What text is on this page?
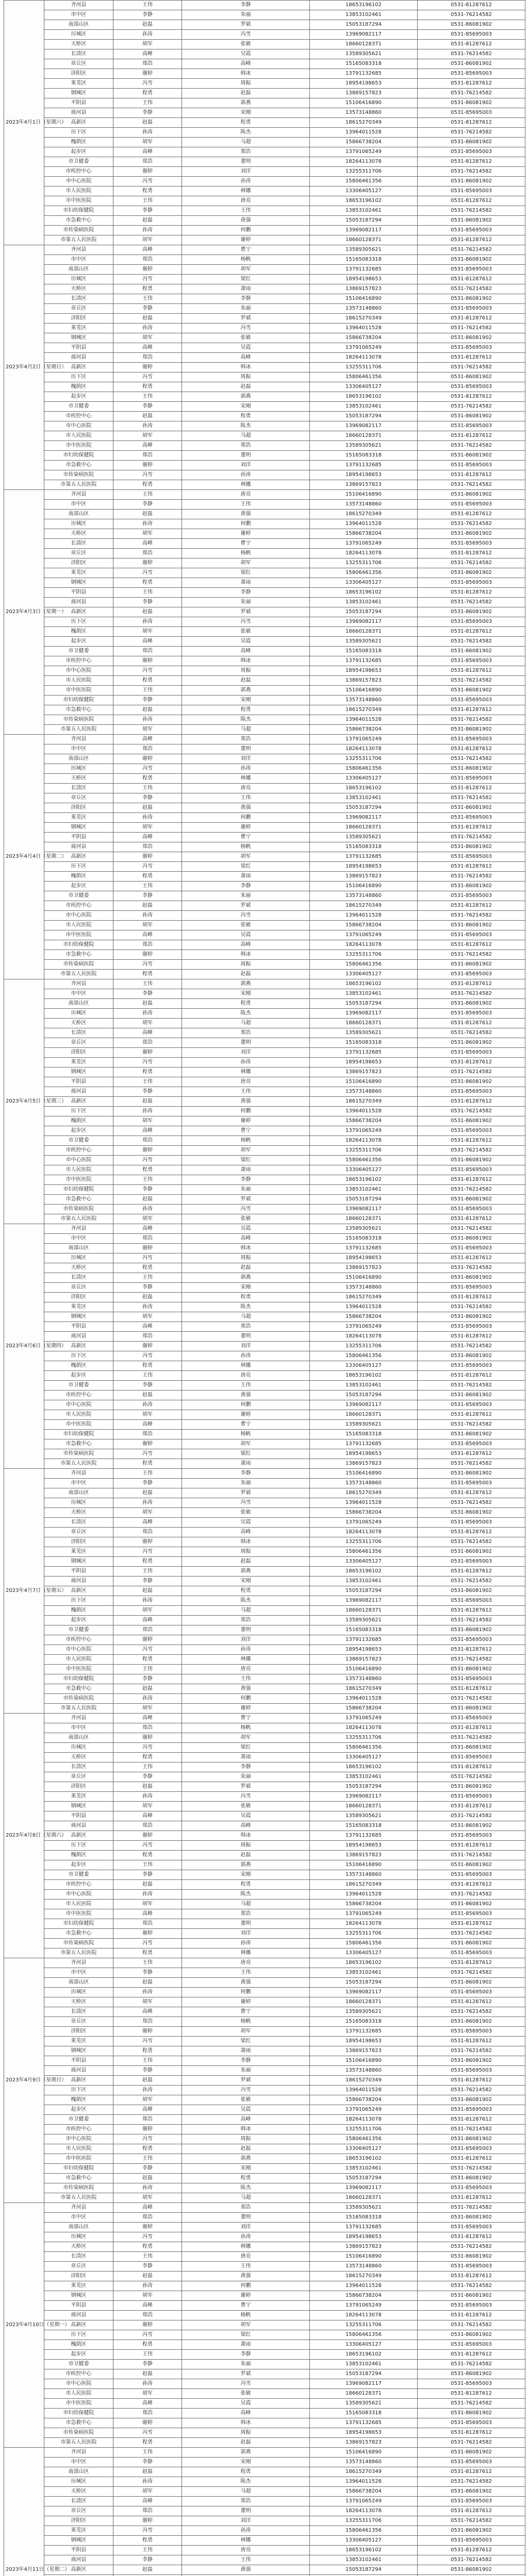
2023年4月1日（星期六）	齐河县	王伟	李静	18653196102	0531-81287612
	市中区	李静	朱丽	13853102461	0531-76214582
	南部山区	赵磊	罗斌	15053187294	0531-86081902
	历城区	孙涛	冯雪	13969082117	0531-85695003
	天桥区	胡军	张敏	18660128371	0531-81287612
	长清区	高峰	吴霞	13589305621	0531-76214582
	章丘区	郑浩	高峰	15165083318	0531-86081902
	济阳区	谢婷	韩冰	13791132685	0531-85695003
	莱芜区	冯雪	周振	18954198653	0531-81287612
	钢城区	程勇	赵磊	13869157823	0531-76214582
	平阴县	王伟	郭燕	15106416890	0531-86081902
	商河县	李静	宋刚	13573148860	0531-85695003
	高新区	赵磊	程勇	18615270349	0531-81287612
	历下区	孙涛	陈杰	13964011528	0531-76214582
	槐荫区	胡军	马超	15866738204	0531-86081902
	起步区	高峰	郑浩	13791065249	0531-85695003
	市卫健委	郑浩	董明	18264113078	0531-81287612
	市疾控中心	谢婷	刘洋	13255311706	0531-76214582
	市中心医院	冯雪	孙涛	15806461356	0531-86081902
	市人民医院	程勇	林娜	13306405127	0531-85695003
	市中医医院	王伟	唐亮	18653196102	0531-81287612
	市妇幼保健院	李静	王伟	13853102461	0531-76214582
	市急救中心	赵磊	黄强	15053187294	0531-86081902
	市传染病医院	孙涛	何鹏	13969082117	0531-85695003
	市第五人民医院	胡军	谢婷	18660128371	0531-81287612
2023年4月2日（星期日）	齐河县	高峰	曹宁	13589305621	0531-76214582
	市中区	郑浩	杨帆	15165083318	0531-86081902
	南部山区	谢婷	胡军	13791132685	0531-85695003
	历城区	冯雪	梁红	18954198653	0531-81287612
	天桥区	程勇	萧雨	13869157823	0531-76214582
	长清区	王伟	李静	15106416890	0531-86081902
	章丘区	李静	朱丽	13573148860	0531-85695003
	济阳区	赵磊	罗斌	18615270349	0531-81287612
	莱芜区	孙涛	冯雪	13964011528	0531-76214582
	钢城区	胡军	张敏	15866738204	0531-86081902
	平阴县	高峰	吴霞	13791065249	0531-85695003
	商河县	郑浩	高峰	18264113078	0531-81287612
	高新区	谢婷	韩冰	13255311706	0531-76214582
	历下区	冯雪	周振	15806461356	0531-86081902
	槐荫区	程勇	赵磊	13306405127	0531-85695003
	起步区	王伟	郭燕	18653196102	0531-81287612
	市卫健委	李静	宋刚	13853102461	0531-76214582
	市疾控中心	赵磊	程勇	15053187294	0531-86081902
	市中心医院	孙涛	陈杰	13969082117	0531-85695003
	市人民医院	胡军	马超	18660128371	0531-81287612
	市中医医院	高峰	郑浩	13589305621	0531-76214582
	市妇幼保健院	郑浩	董明	15165083318	0531-86081902
	市急救中心	谢婷	刘洋	13791132685	0531-85695003
	市传染病医院	冯雪	孙涛	18954198653	0531-81287612
	市第五人民医院	程勇	林娜	13869157823	0531-76214582
2023年4月3日（星期一）	齐河县	王伟	唐亮	15106416890	0531-86081902
	市中区	李静	王伟	13573148860	0531-85695003
	南部山区	赵磊	黄强	18615270349	0531-81287612
	历城区	孙涛	何鹏	13964011528	0531-76214582
	天桥区	胡军	谢婷	15866738204	0531-86081902
	长清区	高峰	曹宁	13791065249	0531-85695003
	章丘区	郑浩	杨帆	18264113078	0531-81287612
	济阳区	谢婷	胡军	13255311706	0531-76214582
	莱芜区	冯雪	梁红	15806461356	0531-86081902
	钢城区	程勇	萧雨	13306405127	0531-85695003
	平阴县	王伟	李静	18653196102	0531-81287612
	商河县	李静	朱丽	13853102461	0531-76214582
	高新区	赵磊	罗斌	15053187294	0531-86081902
	历下区	孙涛	冯雪	13969082117	0531-85695003
	槐荫区	胡军	张敏	18660128371	0531-81287612
	起步区	高峰	吴霞	13589305621	0531-76214582
	市卫健委	郑浩	高峰	15165083318	0531-86081902
	市疾控中心	谢婷	韩冰	13791132685	0531-85695003
	市中心医院	冯雪	周振	18954198653	0531-81287612
	市人民医院	程勇	赵磊	13869157823	0531-76214582
	市中医医院	王伟	郭燕	15106416890	0531-86081902
	市妇幼保健院	李静	宋刚	13573148860	0531-85695003
	市急救中心	赵磊	程勇	18615270349	0531-81287612
	市传染病医院	孙涛	陈杰	13964011528	0531-76214582
	市第五人民医院	胡军	马超	15866738204	0531-86081902
2023年4月4日（星期二）	齐河县	高峰	郑浩	13791065249	0531-85695003
	市中区	郑浩	董明	18264113078	0531-81287612
	南部山区	谢婷	刘洋	13255311706	0531-76214582
	历城区	冯雪	孙涛	15806461356	0531-86081902
	天桥区	程勇	林娜	13306405127	0531-85695003
	长清区	王伟	唐亮	18653196102	0531-81287612
	章丘区	李静	王伟	13853102461	0531-76214582
	济阳区	赵磊	黄强	15053187294	0531-86081902
	莱芜区	孙涛	何鹏	13969082117	0531-85695003
	钢城区	胡军	谢婷	18660128371	0531-81287612
	平阴县	高峰	曹宁	13589305621	0531-76214582
	商河县	郑浩	杨帆	15165083318	0531-86081902
	高新区	谢婷	胡军	13791132685	0531-85695003
	历下区	冯雪	梁红	18954198653	0531-81287612
	槐荫区	程勇	萧雨	13869157823	0531-76214582
	起步区	王伟	李静	15106416890	0531-86081902
	市卫健委	李静	朱丽	13573148860	0531-85695003
	市疾控中心	赵磊	罗斌	18615270349	0531-81287612
	市中心医院	孙涛	冯雪	13964011528	0531-76214582
	市人民医院	胡军	张敏	15866738204	0531-86081902
	市中医医院	高峰	吴霞	13791065249	0531-85695003
	市妇幼保健院	郑浩	高峰	18264113078	0531-81287612
	市急救中心	谢婷	韩冰	13255311706	0531-76214582
	市传染病医院	冯雪	周振	15806461356	0531-86081902
	市第五人民医院	程勇	赵磊	13306405127	0531-85695003
2023年4月5日（星期三）	齐河县	王伟	郭燕	18653196102	0531-81287612
	市中区	李静	宋刚	13853102461	0531-76214582
	南部山区	赵磊	程勇	15053187294	0531-86081902
	历城区	孙涛	陈杰	13969082117	0531-85695003
	天桥区	胡军	马超	18660128371	0531-81287612
	长清区	高峰	郑浩	13589305621	0531-76214582
	章丘区	郑浩	董明	15165083318	0531-86081902
	济阳区	谢婷	刘洋	13791132685	0531-85695003
	莱芜区	冯雪	孙涛	18954198653	0531-81287612
	钢城区	程勇	林娜	13869157823	0531-76214582
	平阴县	王伟	唐亮	15106416890	0531-86081902
	商河县	李静	王伟	13573148860	0531-85695003
	高新区	赵磊	黄强	18615270349	0531-81287612
	历下区	孙涛	何鹏	13964011528	0531-76214582
	槐荫区	胡军	谢婷	15866738204	0531-86081902
	起步区	高峰	曹宁	13791065249	0531-85695003
	市卫健委	郑浩	杨帆	18264113078	0531-81287612
	市疾控中心	谢婷	胡军	13255311706	0531-76214582
	市中心医院	冯雪	梁红	15806461356	0531-86081902
	市人民医院	程勇	萧雨	13306405127	0531-85695003
	市中医医院	王伟	李静	18653196102	0531-81287612
	市妇幼保健院	李静	朱丽	13853102461	0531-76214582
	市急救中心	赵磊	罗斌	15053187294	0531-86081902
	市传染病医院	孙涛	冯雪	13969082117	0531-85695003
	市第五人民医院	胡军	张敏	18660128371	0531-81287612
2023年4月6日（星期四）	齐河县	高峰	吴霞	13589305621	0531-76214582
	市中区	郑浩	高峰	15165083318	0531-86081902
	南部山区	谢婷	韩冰	13791132685	0531-85695003
	历城区	冯雪	周振	18954198653	0531-81287612
	天桥区	程勇	赵磊	13869157823	0531-76214582
	长清区	王伟	郭燕	15106416890	0531-86081902
	章丘区	李静	宋刚	13573148860	0531-85695003
	济阳区	赵磊	程勇	18615270349	0531-81287612
	莱芜区	孙涛	陈杰	13964011528	0531-76214582
	钢城区	胡军	马超	15866738204	0531-86081902
	平阴县	高峰	郑浩	13791065249	0531-85695003
	商河县	郑浩	董明	18264113078	0531-81287612
	高新区	谢婷	刘洋	13255311706	0531-76214582
	历下区	冯雪	孙涛	15806461356	0531-86081902
	槐荫区	程勇	林娜	13306405127	0531-85695003
	起步区	王伟	唐亮	18653196102	0531-81287612
	市卫健委	李静	王伟	13853102461	0531-76214582
	市疾控中心	赵磊	黄强	15053187294	0531-86081902
	市中心医院	孙涛	何鹏	13969082117	0531-85695003
	市人民医院	胡军	谢婷	18660128371	0531-81287612
	市中医医院	高峰	曹宁	13589305621	0531-76214582
	市妇幼保健院	郑浩	杨帆	15165083318	0531-86081902
	市急救中心	谢婷	胡军	13791132685	0531-85695003
	市传染病医院	冯雪	梁红	18954198653	0531-81287612
	市第五人民医院	程勇	萧雨	13869157823	0531-76214582
2023年4月7日（星期五）	齐河县	王伟	李静	15106416890	0531-86081902
	市中区	李静	朱丽	13573148860	0531-85695003
	南部山区	赵磊	罗斌	18615270349	0531-81287612
	历城区	孙涛	冯雪	13964011528	0531-76214582
	天桥区	胡军	张敏	15866738204	0531-86081902
	长清区	高峰	吴霞	13791065249	0531-85695003
	章丘区	郑浩	高峰	18264113078	0531-81287612
	济阳区	谢婷	韩冰	13255311706	0531-76214582
	莱芜区	冯雪	周振	15806461356	0531-86081902
	钢城区	程勇	赵磊	13306405127	0531-85695003
	平阴县	王伟	郭燕	18653196102	0531-81287612
	商河县	李静	宋刚	13853102461	0531-76214582
	高新区	赵磊	程勇	15053187294	0531-86081902
	历下区	孙涛	陈杰	13969082117	0531-85695003
	槐荫区	胡军	马超	18660128371	0531-81287612
	起步区	高峰	郑浩	13589305621	0531-76214582
	市卫健委	郑浩	董明	15165083318	0531-86081902
	市疾控中心	谢婷	刘洋	13791132685	0531-85695003
	市中心医院	冯雪	孙涛	18954198653	0531-81287612
	市人民医院	程勇	林娜	13869157823	0531-76214582
	市中医医院	王伟	唐亮	15106416890	0531-86081902
	市妇幼保健院	李静	王伟	13573148860	0531-85695003
	市急救中心	赵磊	黄强	18615270349	0531-81287612
	市传染病医院	孙涛	何鹏	13964011528	0531-76214582
	市第五人民医院	胡军	谢婷	15866738204	0531-86081902
2023年4月8日（星期六）	齐河县	高峰	曹宁	13791065249	0531-85695003
	市中区	郑浩	杨帆	18264113078	0531-81287612
	南部山区	谢婷	胡军	13255311706	0531-76214582
	历城区	冯雪	梁红	15806461356	0531-86081902
	天桥区	程勇	萧雨	13306405127	0531-85695003
	长清区	王伟	李静	18653196102	0531-81287612
	章丘区	李静	朱丽	13853102461	0531-76214582
	济阳区	赵磊	罗斌	15053187294	0531-86081902
	莱芜区	孙涛	冯雪	13969082117	0531-85695003
	钢城区	胡军	张敏	18660128371	0531-81287612
	平阴县	高峰	吴霞	13589305621	0531-76214582
	商河县	郑浩	高峰	15165083318	0531-86081902
	高新区	谢婷	韩冰	13791132685	0531-85695003
	历下区	冯雪	周振	18954198653	0531-81287612
	槐荫区	程勇	赵磊	13869157823	0531-76214582
	起步区	王伟	郭燕	15106416890	0531-86081902
	市卫健委	李静	宋刚	13573148860	0531-85695003
	市疾控中心	赵磊	程勇	18615270349	0531-81287612
	市中心医院	孙涛	陈杰	13964011528	0531-76214582
	市人民医院	胡军	马超	15866738204	0531-86081902
	市中医医院	高峰	郑浩	13791065249	0531-85695003
	市妇幼保健院	郑浩	董明	18264113078	0531-81287612
	市急救中心	谢婷	刘洋	13255311706	0531-76214582
	市传染病医院	冯雪	孙涛	15806461356	0531-86081902
	市第五人民医院	程勇	林娜	13306405127	0531-85695003
2023年4月9日（星期日）	齐河县	王伟	唐亮	18653196102	0531-81287612
	市中区	李静	王伟	13853102461	0531-76214582
	南部山区	赵磊	黄强	15053187294	0531-86081902
	历城区	孙涛	何鹏	13969082117	0531-85695003
	天桥区	胡军	谢婷	18660128371	0531-81287612
	长清区	高峰	曹宁	13589305621	0531-76214582
	章丘区	郑浩	杨帆	15165083318	0531-86081902
	济阳区	谢婷	胡军	13791132685	0531-85695003
	莱芜区	冯雪	梁红	18954198653	0531-81287612
	钢城区	程勇	萧雨	13869157823	0531-76214582
	平阴县	王伟	李静	15106416890	0531-86081902
	商河县	李静	朱丽	13573148860	0531-85695003
	高新区	赵磊	罗斌	18615270349	0531-81287612
	历下区	孙涛	冯雪	13964011528	0531-76214582
	槐荫区	胡军	张敏	15866738204	0531-86081902
	起步区	高峰	吴霞	13791065249	0531-85695003
	市卫健委	郑浩	高峰	18264113078	0531-81287612
	市疾控中心	谢婷	韩冰	13255311706	0531-76214582
	市中心医院	冯雪	周振	15806461356	0531-86081902
	市人民医院	程勇	赵磊	13306405127	0531-85695003
	市中医医院	王伟	郭燕	18653196102	0531-81287612
	市妇幼保健院	李静	宋刚	13853102461	0531-76214582
	市急救中心	赵磊	程勇	15053187294	0531-86081902
	市传染病医院	孙涛	陈杰	13969082117	0531-85695003
	市第五人民医院	胡军	马超	18660128371	0531-81287612
2023年4月10日（星期一）	齐河县	高峰	郑浩	13589305621	0531-76214582
	市中区	郑浩	董明	15165083318	0531-86081902
	南部山区	谢婷	刘洋	13791132685	0531-85695003
	历城区	冯雪	孙涛	18954198653	0531-81287612
	天桥区	程勇	林娜	13869157823	0531-76214582
	长清区	王伟	唐亮	15106416890	0531-86081902
	章丘区	李静	王伟	13573148860	0531-85695003
	济阳区	赵磊	黄强	18615270349	0531-81287612
	莱芜区	孙涛	何鹏	13964011528	0531-76214582
	钢城区	胡军	谢婷	15866738204	0531-86081902
	平阴县	高峰	曹宁	13791065249	0531-85695003
	商河县	郑浩	杨帆	18264113078	0531-81287612
	高新区	谢婷	胡军	13255311706	0531-76214582
	历下区	冯雪	梁红	15806461356	0531-86081902
	槐荫区	程勇	萧雨	13306405127	0531-85695003
	起步区	王伟	李静	18653196102	0531-81287612
	市卫健委	李静	朱丽	13853102461	0531-76214582
	市疾控中心	赵磊	罗斌	15053187294	0531-86081902
	市中心医院	孙涛	冯雪	13969082117	0531-85695003
	市人民医院	胡军	张敏	18660128371	0531-81287612
	市中医医院	高峰	吴霞	13589305621	0531-76214582
	市妇幼保健院	郑浩	高峰	15165083318	0531-86081902
	市急救中心	谢婷	韩冰	13791132685	0531-85695003
	市传染病医院	冯雪	周振	18954198653	0531-81287612
	市第五人民医院	程勇	赵磊	13869157823	0531-76214582
2023年4月11日（星期二）	齐河县	王伟	郭燕	15106416890	0531-86081902
	市中区	李静	宋刚	13573148860	0531-85695003
	南部山区	赵磊	程勇	18615270349	0531-81287612
	历城区	孙涛	陈杰	13964011528	0531-76214582
	天桥区	胡军	马超	15866738204	0531-86081902
	长清区	高峰	郑浩	13791065249	0531-85695003
	章丘区	郑浩	董明	18264113078	0531-81287612
	济阳区	谢婷	刘洋	13255311706	0531-76214582
	莱芜区	冯雪	孙涛	15806461356	0531-86081902
	钢城区	程勇	林娜	13306405127	0531-85695003
	平阴县	王伟	唐亮	18653196102	0531-81287612
	商河县	李静	王伟	13853102461	0531-76214582
	高新区	赵磊	黄强	15053187294	0531-86081902
